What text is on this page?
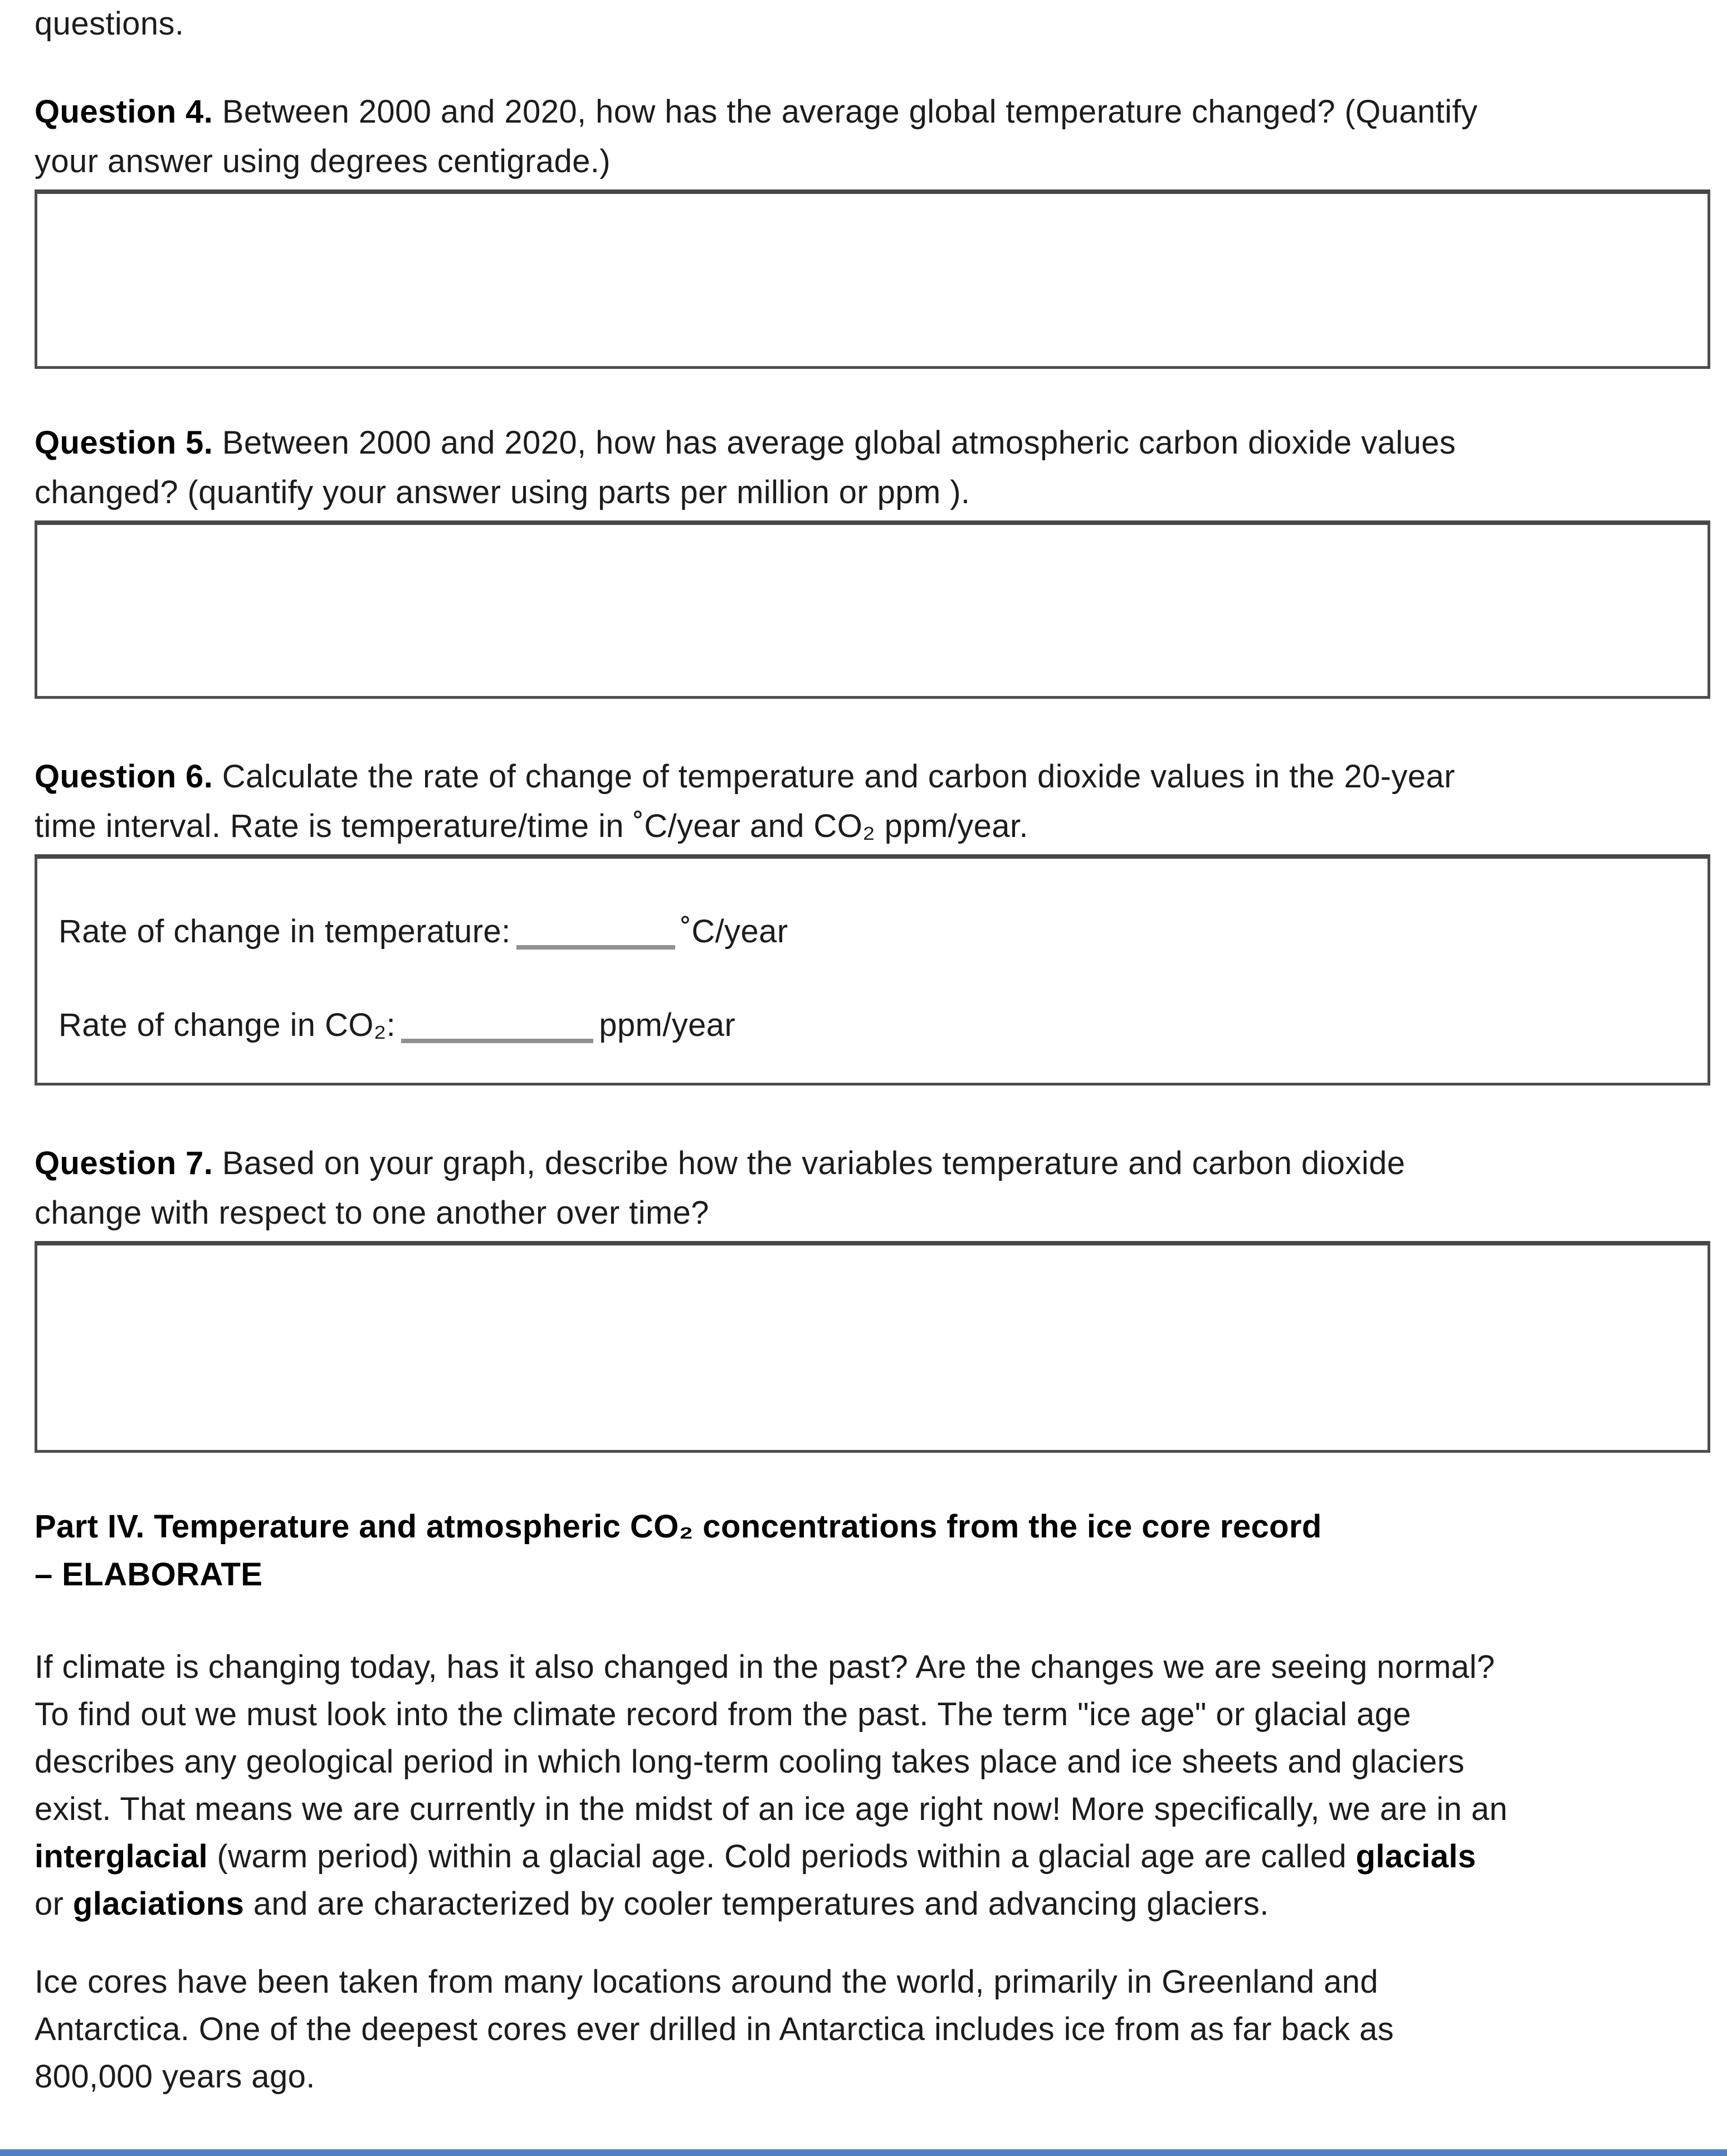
questions.
Question 4. Between 2000 and 2020, how has the average global temperature changed? (Quantify
your answer using degrees centigrade.)
Question 5. Between 2000 and 2020, how has average global atmospheric carbon dioxide values
changed? (quantify your answer using parts per million or ppm ).
Question 6. Calculate the rate of change of temperature and carbon dioxide values in the 20-year
time interval. Rate is temperature/time in ˚C/year and CO₂ ppm/year.
Rate of change in temperature:	˚C/year
Rate of change in CO₂:	ppm/year
Question 7. Based on your graph, describe how the variables temperature and carbon dioxide
change with respect to one another over time?
Part IV. Temperature and atmospheric CO₂ concentrations from the ice core record
– ELABORATE
If climate is changing today, has it also changed in the past? Are the changes we are seeing normal?
To find out we must look into the climate record from the past. The term "ice age" or glacial age
describes any geological period in which long-term cooling takes place and ice sheets and glaciers
exist. That means we are currently in the midst of an ice age right now! More specifically, we are in an
interglacial (warm period) within a glacial age. Cold periods within a glacial age are called glacials
or glaciations and are characterized by cooler temperatures and advancing glaciers.
Ice cores have been taken from many locations around the world, primarily in Greenland and
Antarctica. One of the deepest cores ever drilled in Antarctica includes ice from as far back as
800,000 years ago.
